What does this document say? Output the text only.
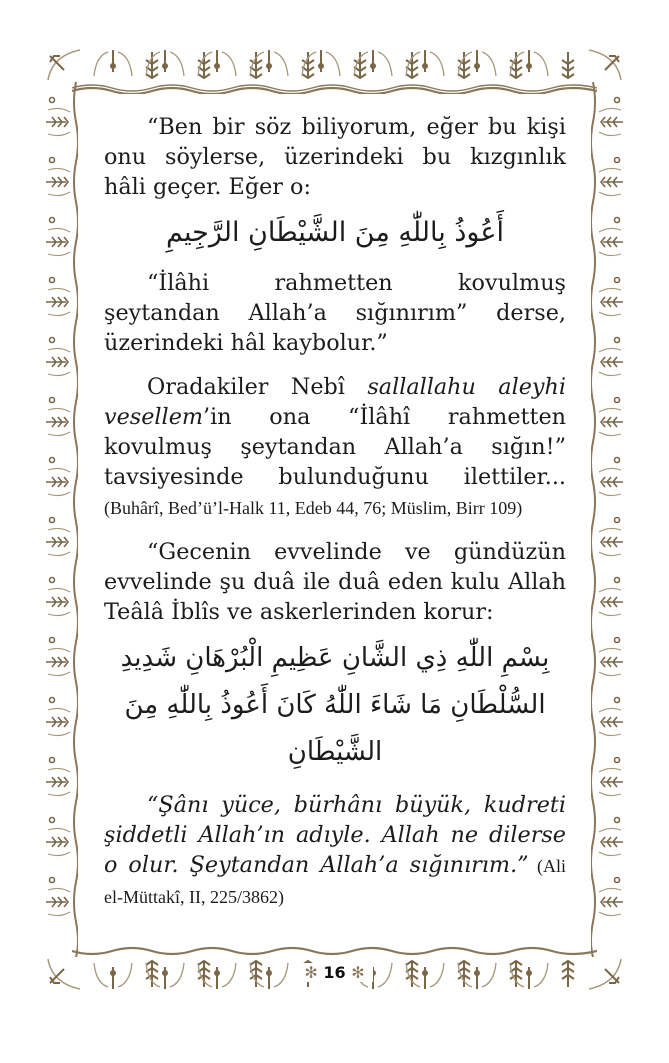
“Ben bir söz biliyorum, eğer bu kişi onu söylerse, üzerindeki bu kızgınlık hâli geçer. Eğer o:

أَعُوذُ بِاللّٰهِ مِنَ الشَّيْطَانِ الرَّجِيمِ

“İlâhi rahmetten kovulmuş şeytandan Allah’a sığınırım” derse, üzerindeki hâl kaybolur.”

Oradakiler Nebî sallallahu aleyhi vesellem’in ona “İlâhî rahmetten kovulmuş şeytandan Allah’a sığın!” tavsiyesinde bulunduğunu ilettiler... (Buhârî, Bed’ü’l-Halk 11, Edeb 44, 76; Müslim, Birr 109)

“Gecenin evvelinde ve gündüzün evvelinde şu duâ ile duâ eden kulu Allah Teâlâ İblîs ve askerlerinden korur:

بِسْمِ اللّٰهِ ذِي الشَّانِ عَظِيمِ الْبُرْهَانِ شَدِيدِ
السُّلْطَانِ مَا شَاءَ اللّٰهُ كَانَ أَعُوذُ بِاللّٰهِ مِنَ الشَّيْطَانِ

“Şânı yüce, bürhânı büyük, kudreti şiddetli Allah’ın adıyle. Allah ne dilerse o olur. Şeytandan Allah’a sığınırım.” (Ali el-Müttakî, II, 225/3862)

✻ 16 ✻
